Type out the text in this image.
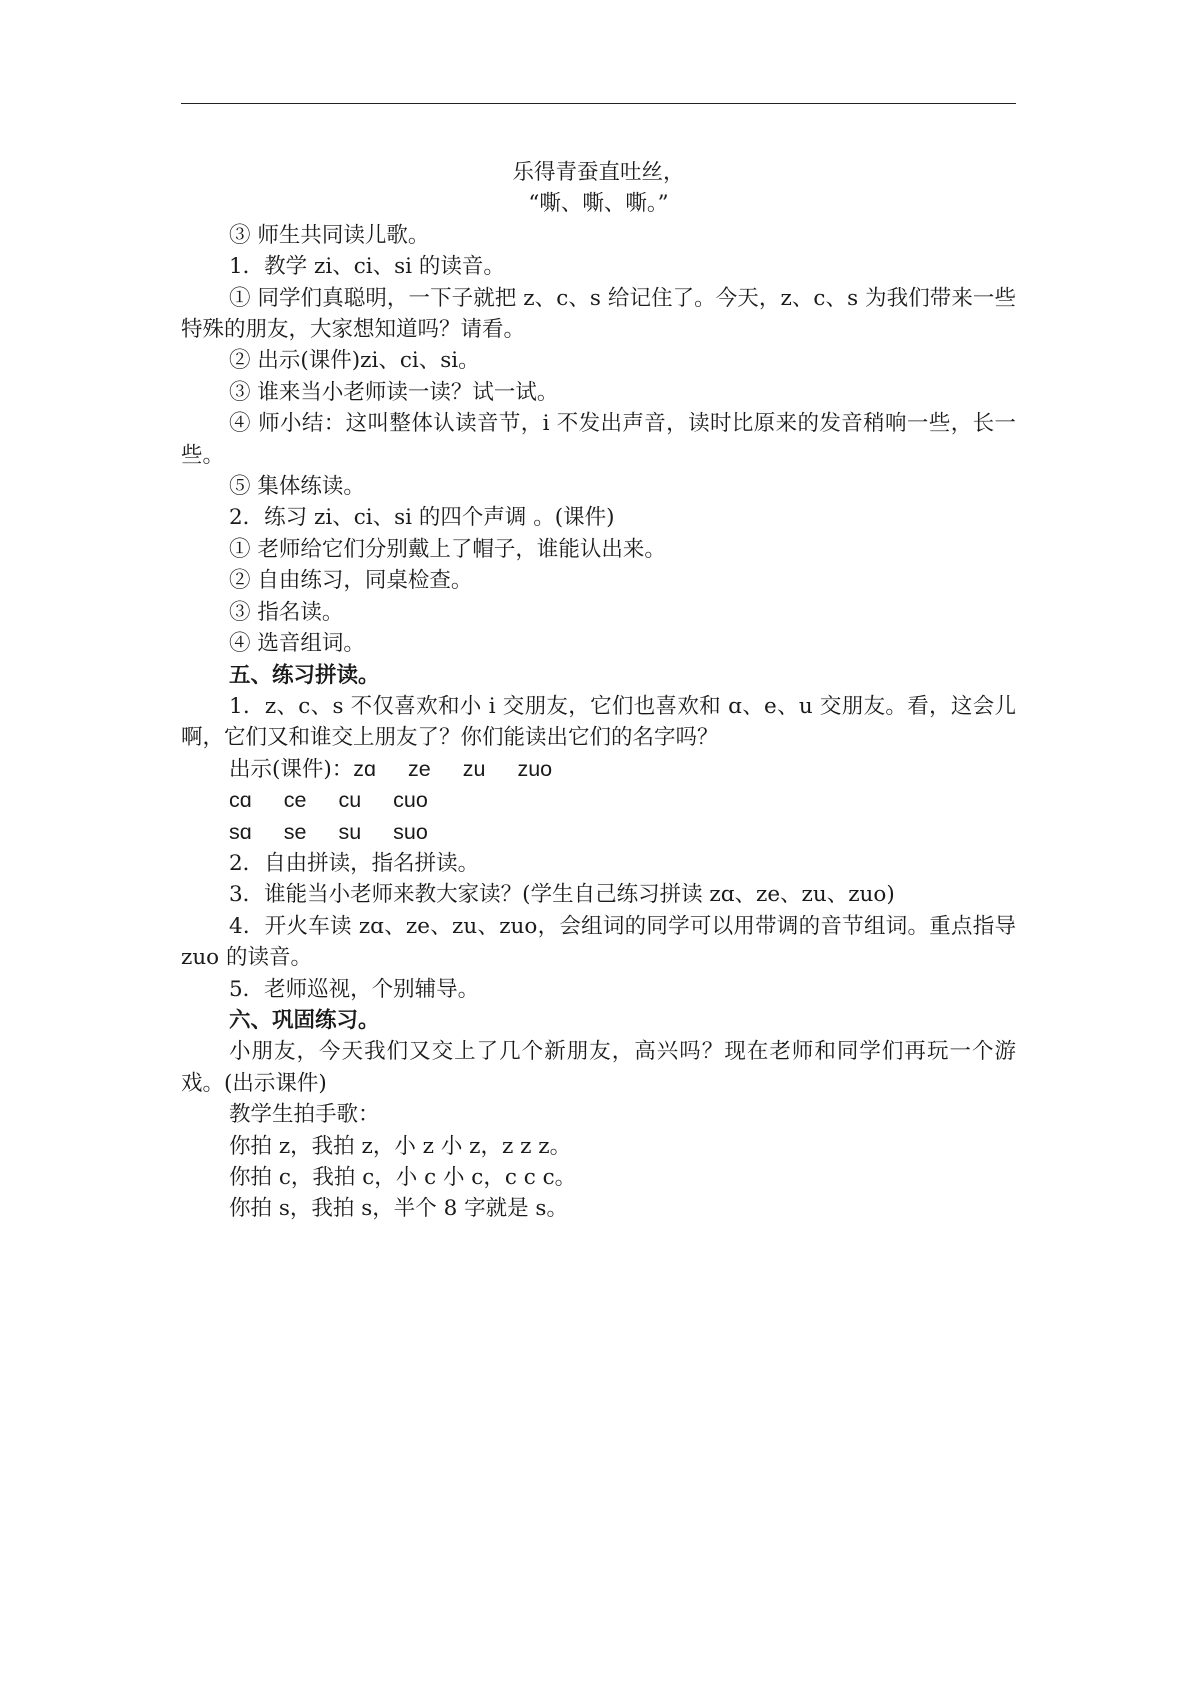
乐得青蚕直吐丝，

“嘶、嘶、嘶。”

③ 师生共同读儿歌。

1．教学 zi、ci、si 的读音。

① 同学们真聪明，一下子就把 z、c、s 给记住了。今天，z、c、s 为我们带来一些特殊的朋友，大家想知道吗？请看。

② 出示(课件)zi、ci、si。

③ 谁来当小老师读一读？试一试。

④ 师小结：这叫整体认读音节，i 不发出声音，读时比原来的发音稍响一些，长一些。

⑤ 集体练读。

2．练习 zi、ci、si 的四个声调 。(课件)

① 老师给它们分别戴上了帽子，谁能认出来。

② 自由练习，同桌检查。

③ 指名读。

④ 选音组词。

五、练习拼读。

1．z、c、s 不仅喜欢和小 i 交朋友，它们也喜欢和 ɑ、e、u 交朋友。看，这会儿啊，它们又和谁交上朋友了？你们能读出它们的名字吗？

出示(课件)：zɑ ze zu zuo

cɑ ce cu cuo

sɑ se su suo

2．自由拼读，指名拼读。

3．谁能当小老师来教大家读？(学生自己练习拼读 zɑ、ze、zu、zuo)

4．开火车读 zɑ、ze、zu、zuo，会组词的同学可以用带调的音节组词。重点指导 zuo 的读音。

5．老师巡视，个别辅导。

六、巩固练习。

小朋友，今天我们又交上了几个新朋友，高兴吗？现在老师和同学们再玩一个游戏。(出示课件)

教学生拍手歌：

你拍 z，我拍 z，小 z 小 z，z z z。

你拍 c，我拍 c，小 c 小 c，c c c。

你拍 s，我拍 s，半个 8 字就是 s。
